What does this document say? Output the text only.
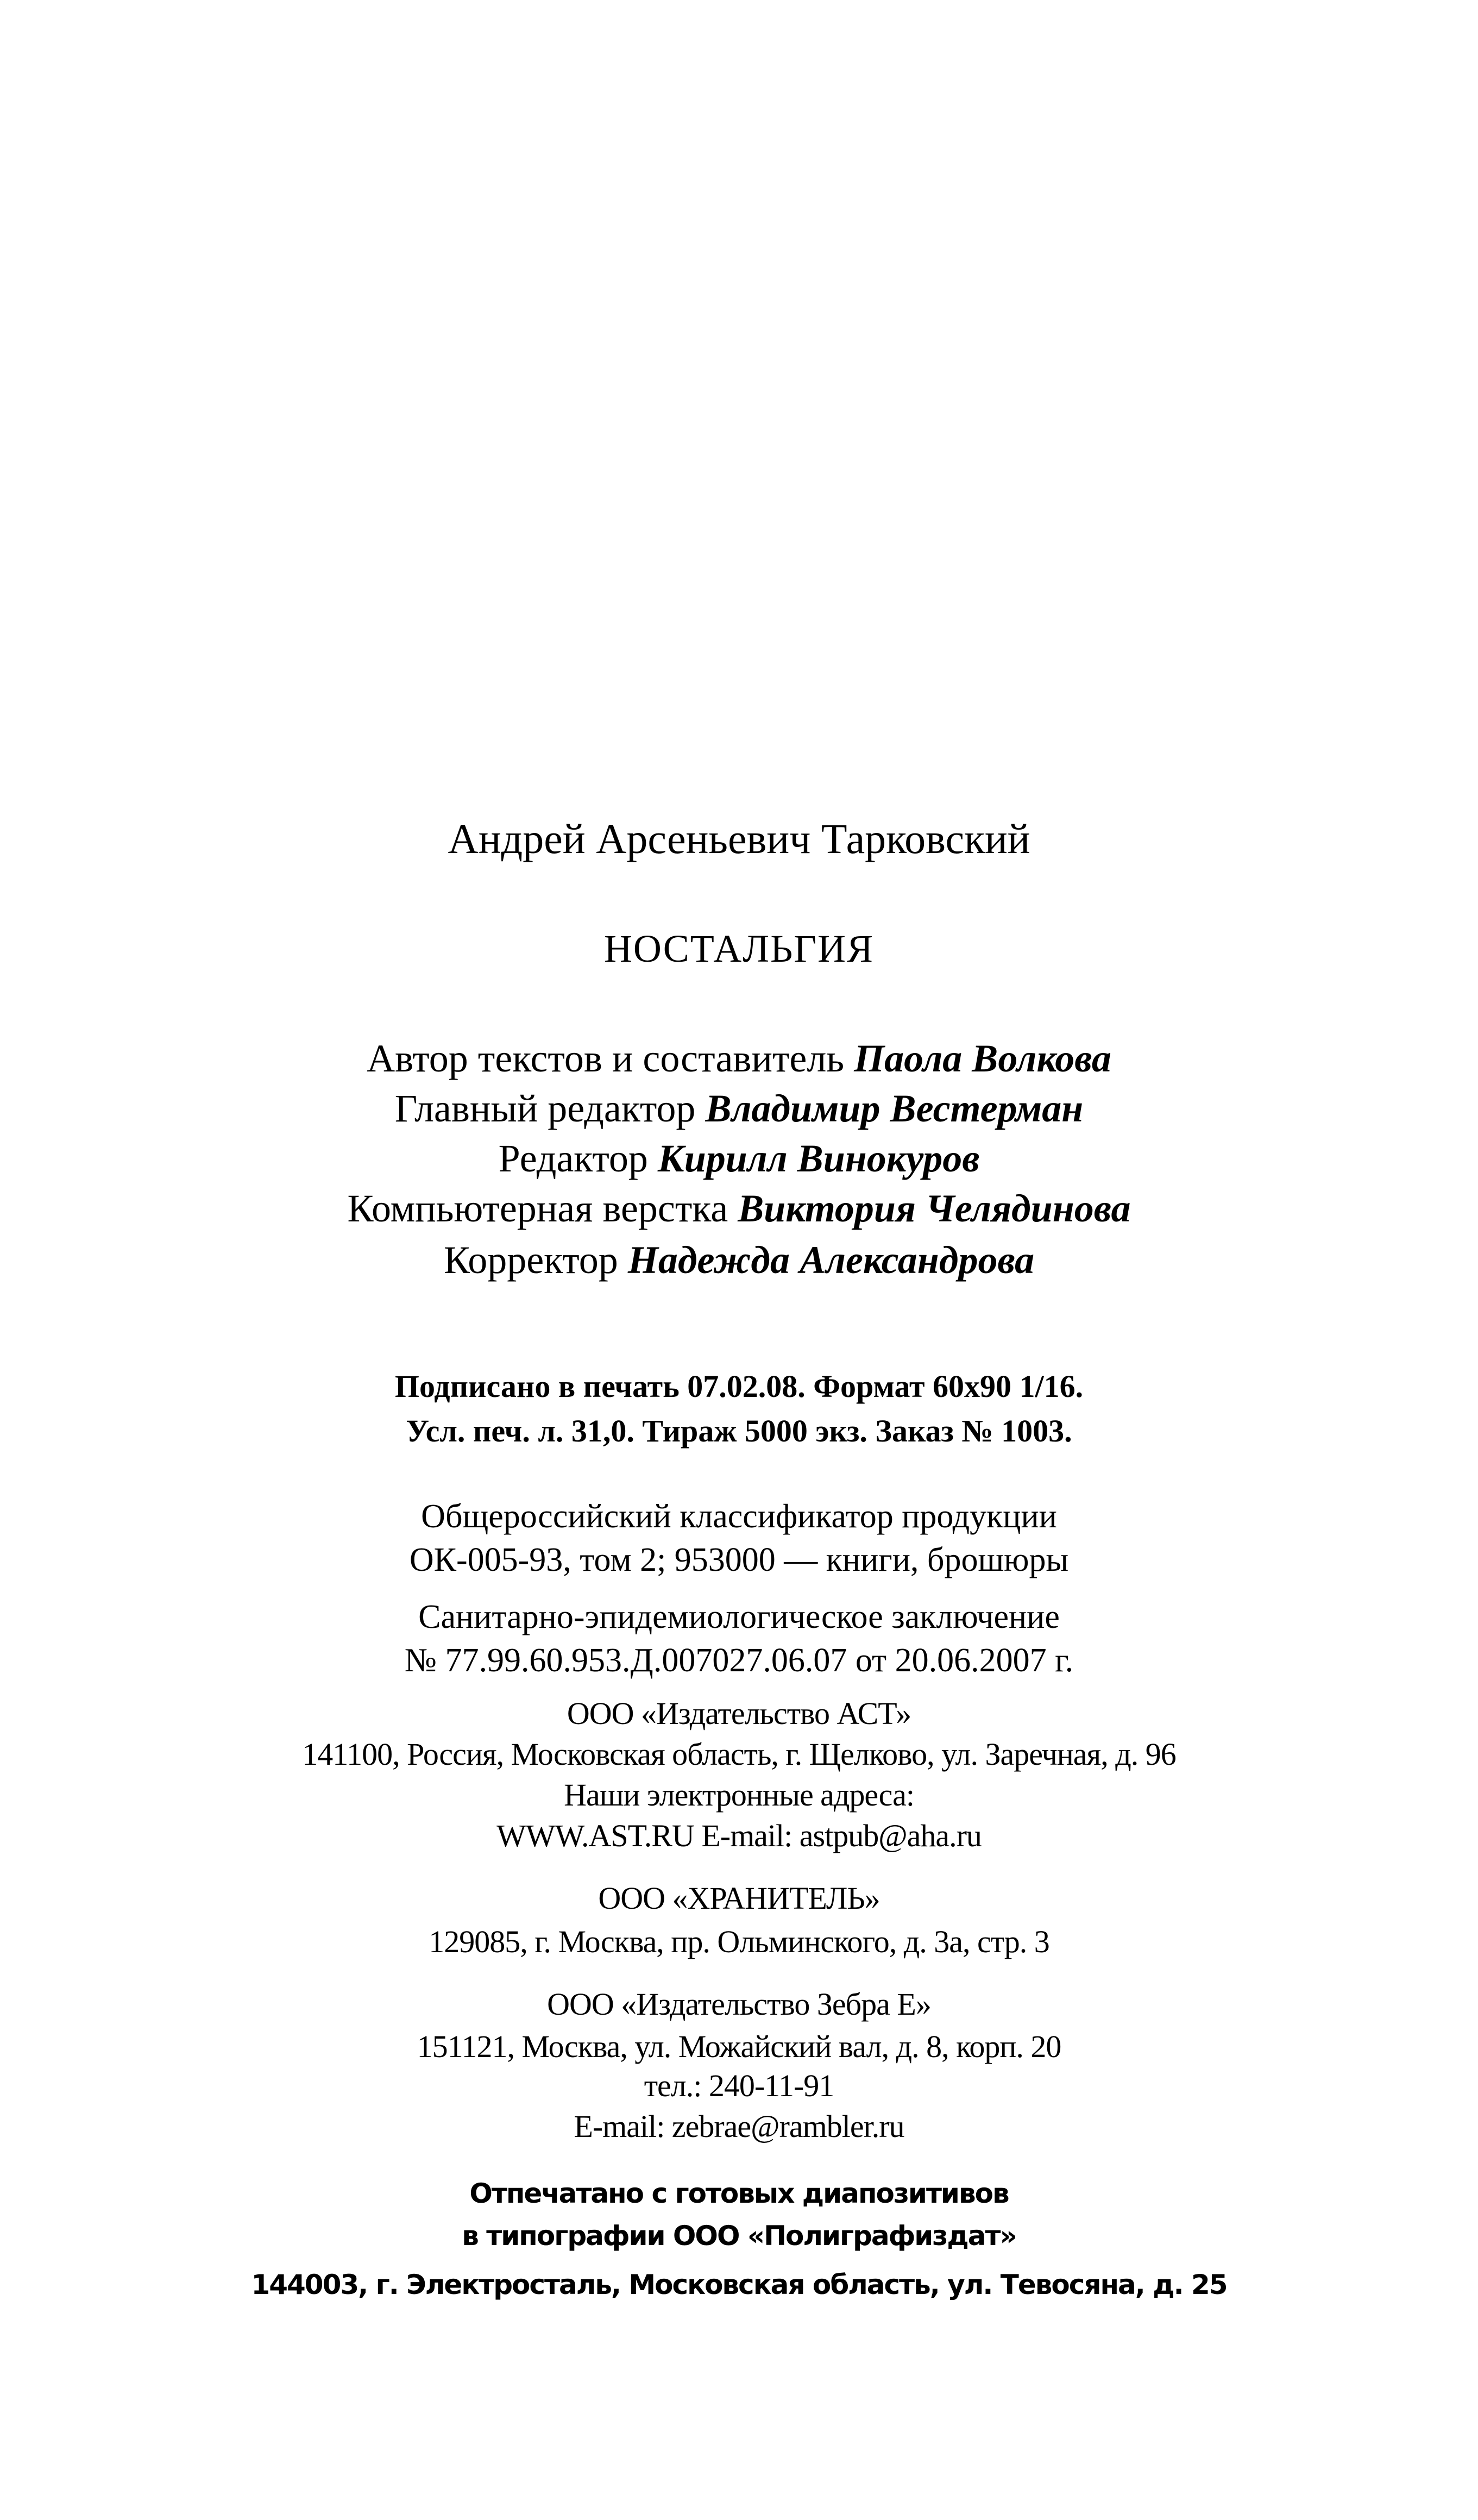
Андрей Арсеньевич Тарковский
НОСТАЛЬГИЯ
Автор текстов и составитель Паола Волкова
Главный редактор Владимир Вестерман
Редактор Кирилл Винокуров
Компьютерная верстка Виктория Челядинова
Корректор Надежда Александрова
Подписано в печать 07.02.08. Формат 60x90 1/16.
Усл. печ. л. 31,0. Тираж 5000 экз. Заказ № 1003.
Общероссийский классификатор продукции
ОК-005-93, том 2; 953000 — книги, брошюры
Санитарно-эпидемиологическое заключение
№ 77.99.60.953.Д.007027.06.07 от 20.06.2007 г.
ООО «Издательство АСТ»
141100, Россия, Московская область, г. Щелково, ул. Заречная, д. 96
Наши электронные адреса:
WWW.AST.RU E-mail: astpub@aha.ru
ООО «ХРАНИТЕЛЬ»
129085, г. Москва, пр. Ольминского, д. 3а, стр. 3
ООО «Издательство Зебра Е»
151121, Москва, ул. Можайский вал, д. 8, корп. 20
тел.: 240-11-91
E-mail: zebrae@rambler.ru
Отпечатано с готовых диапозитивов
в типографии ООО «Полиграфиздат»
144003, г. Электросталь, Московская область, ул. Тевосяна, д. 25
